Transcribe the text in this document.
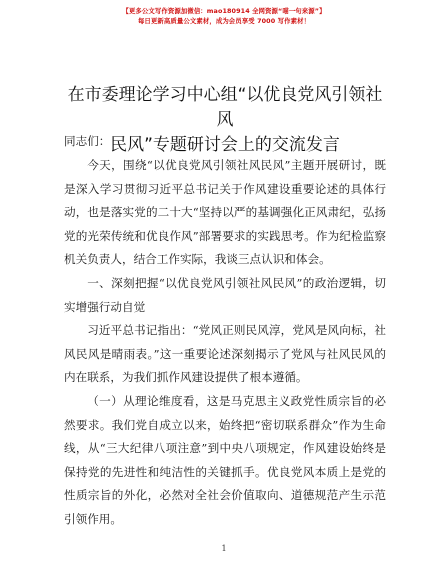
【更多公文写作资源加微信：mao180914 全网资源“喵一句来源”】
每日更新高质量公文素材，成为会员享受 7000 写作素材！
在市委理论学习中心组“以优良党风引领社风
民风”专题研讨会上的交流发言

同志们：

今天，围绕“以优良党风引领社风民风”主题开展研讨，既是深入学习贯彻习近平总书记关于作风建设重要论述的具体行动，也是落实党的二十大“坚持以严的基调强化正风肃纪，弘扬党的光荣传统和优良作风”部署要求的实践思考。作为纪检监察机关负责人，结合工作实际，我谈三点认识和体会。

一、深刻把握“以优良党风引领社风民风”的政治逻辑，切实增强行动自觉

习近平总书记指出：“党风正则民风淳，党风是风向标，社风民风是晴雨表。”这一重要论述深刻揭示了党风与社风民风的内在联系，为我们抓作风建设提供了根本遵循。

（一）从理论维度看，这是马克思主义政党性质宗旨的必然要求。我们党自成立以来，始终把“密切联系群众”作为生命线，从“三大纪律八项注意”到中央八项规定，作风建设始终是保持党的先进性和纯洁性的关键抓手。优良党风本质上是党的性质宗旨的外化，必然对全社会价值取向、道德规范产生示范引领作用。

1
